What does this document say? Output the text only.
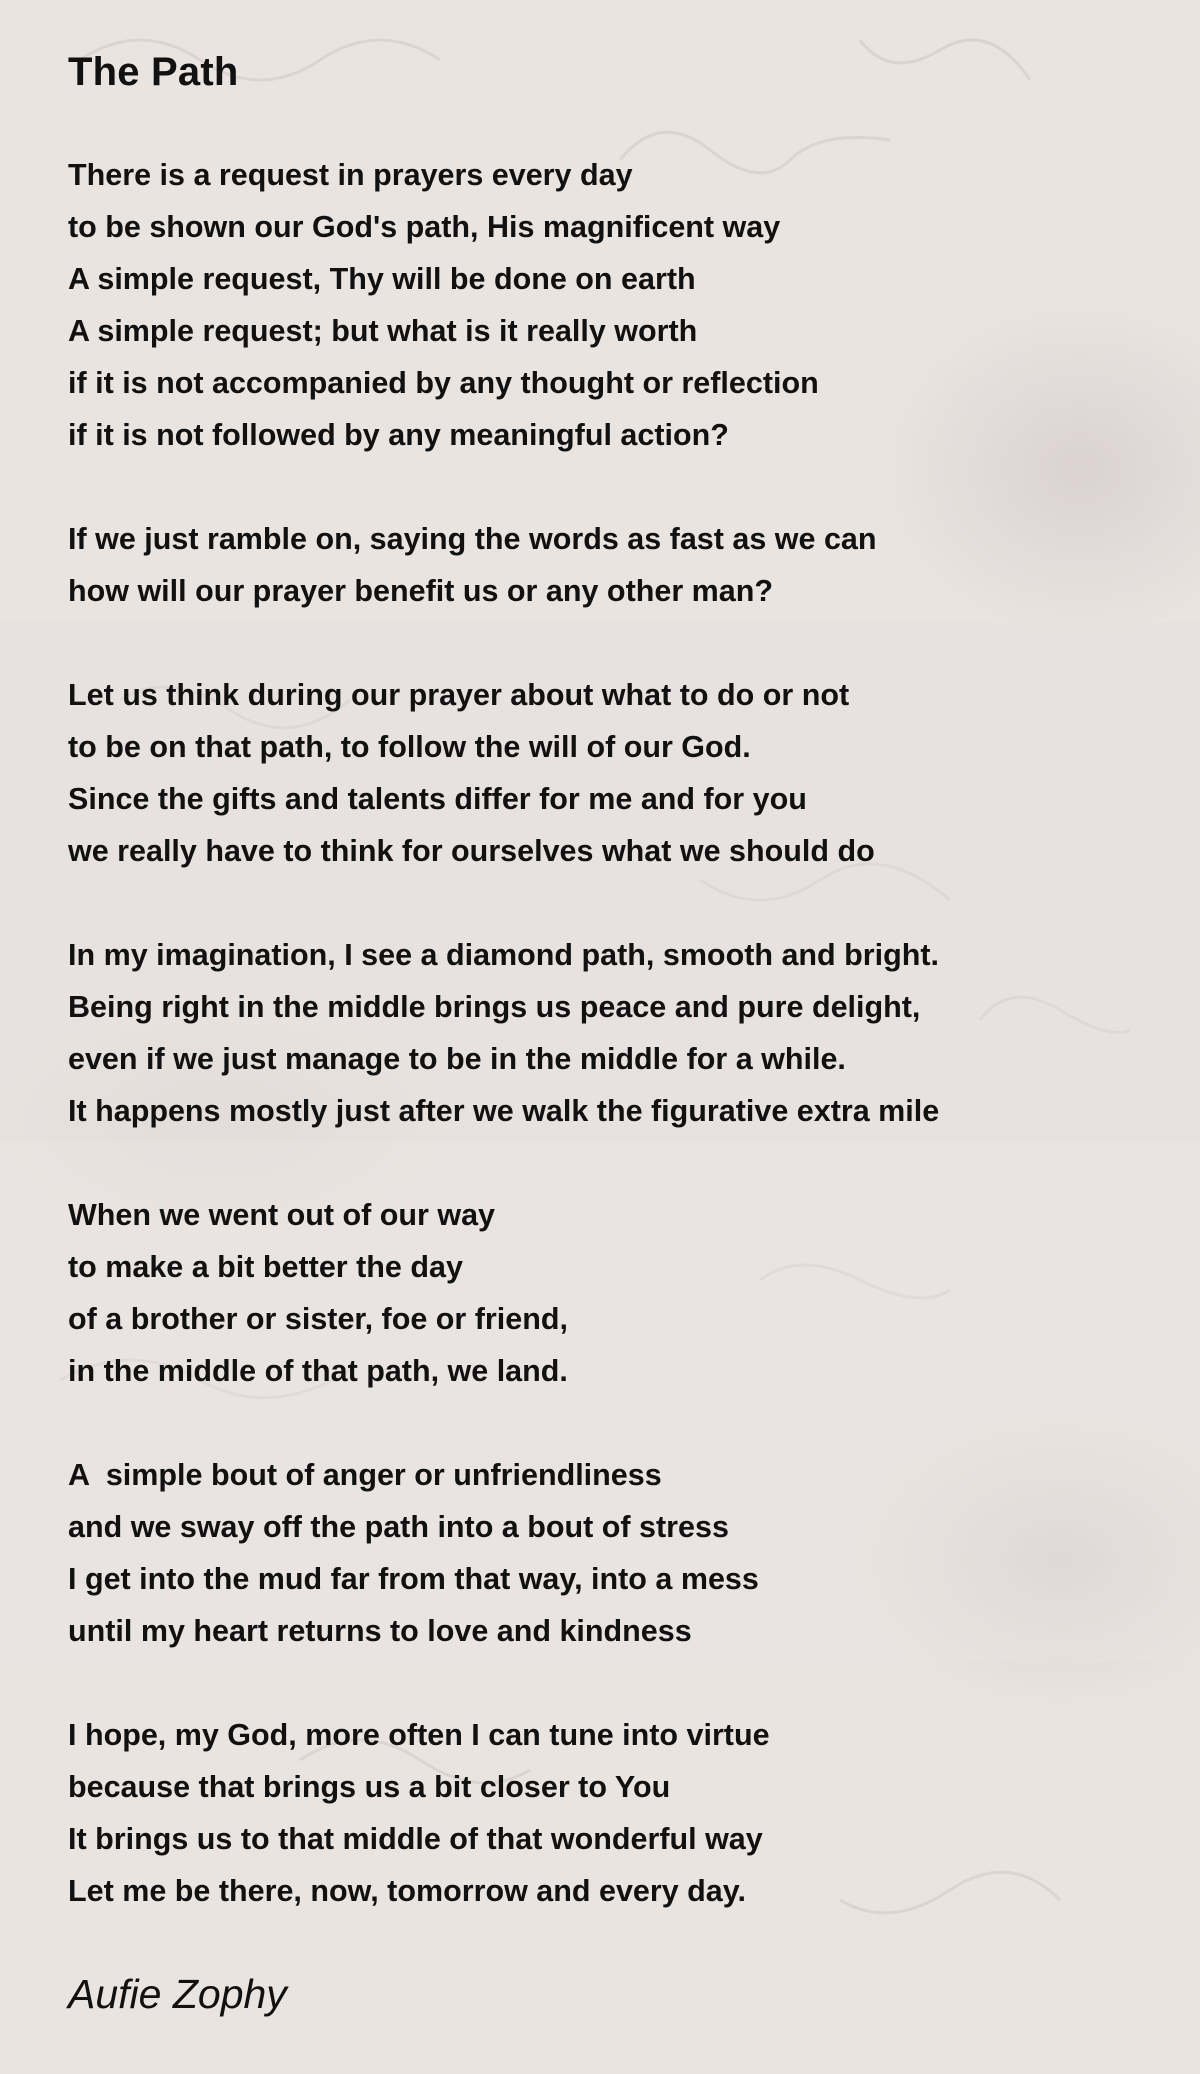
The Path
There is a request in prayers every day
to be shown our God's path, His magnificent way
A simple request, Thy will be done on earth
A simple request; but what is it really worth
if it is not accompanied by any thought or reflection
if it is not followed by any meaningful action?
If we just ramble on, saying the words as fast as we can
how will our prayer benefit us or any other man?
Let us think during our prayer about what to do or not
to be on that path, to follow the will of our God.
Since the gifts and talents differ for me and for you
we really have to think for ourselves what we should do
In my imagination, I see a diamond path, smooth and bright.
Being right in the middle brings us peace and pure delight,
even if we just manage to be in the middle for a while.
It happens mostly just after we walk the figurative extra mile
When we went out of our way
to make a bit better the day
of a brother or sister, foe or friend,
in the middle of that path, we land.
A  simple bout of anger or unfriendliness
and we sway off the path into a bout of stress
I get into the mud far from that way, into a mess
until my heart returns to love and kindness
I hope, my God, more often I can tune into virtue
because that brings us a bit closer to You
It brings us to that middle of that wonderful way
Let me be there, now, tomorrow and every day.

Aufie Zophy
